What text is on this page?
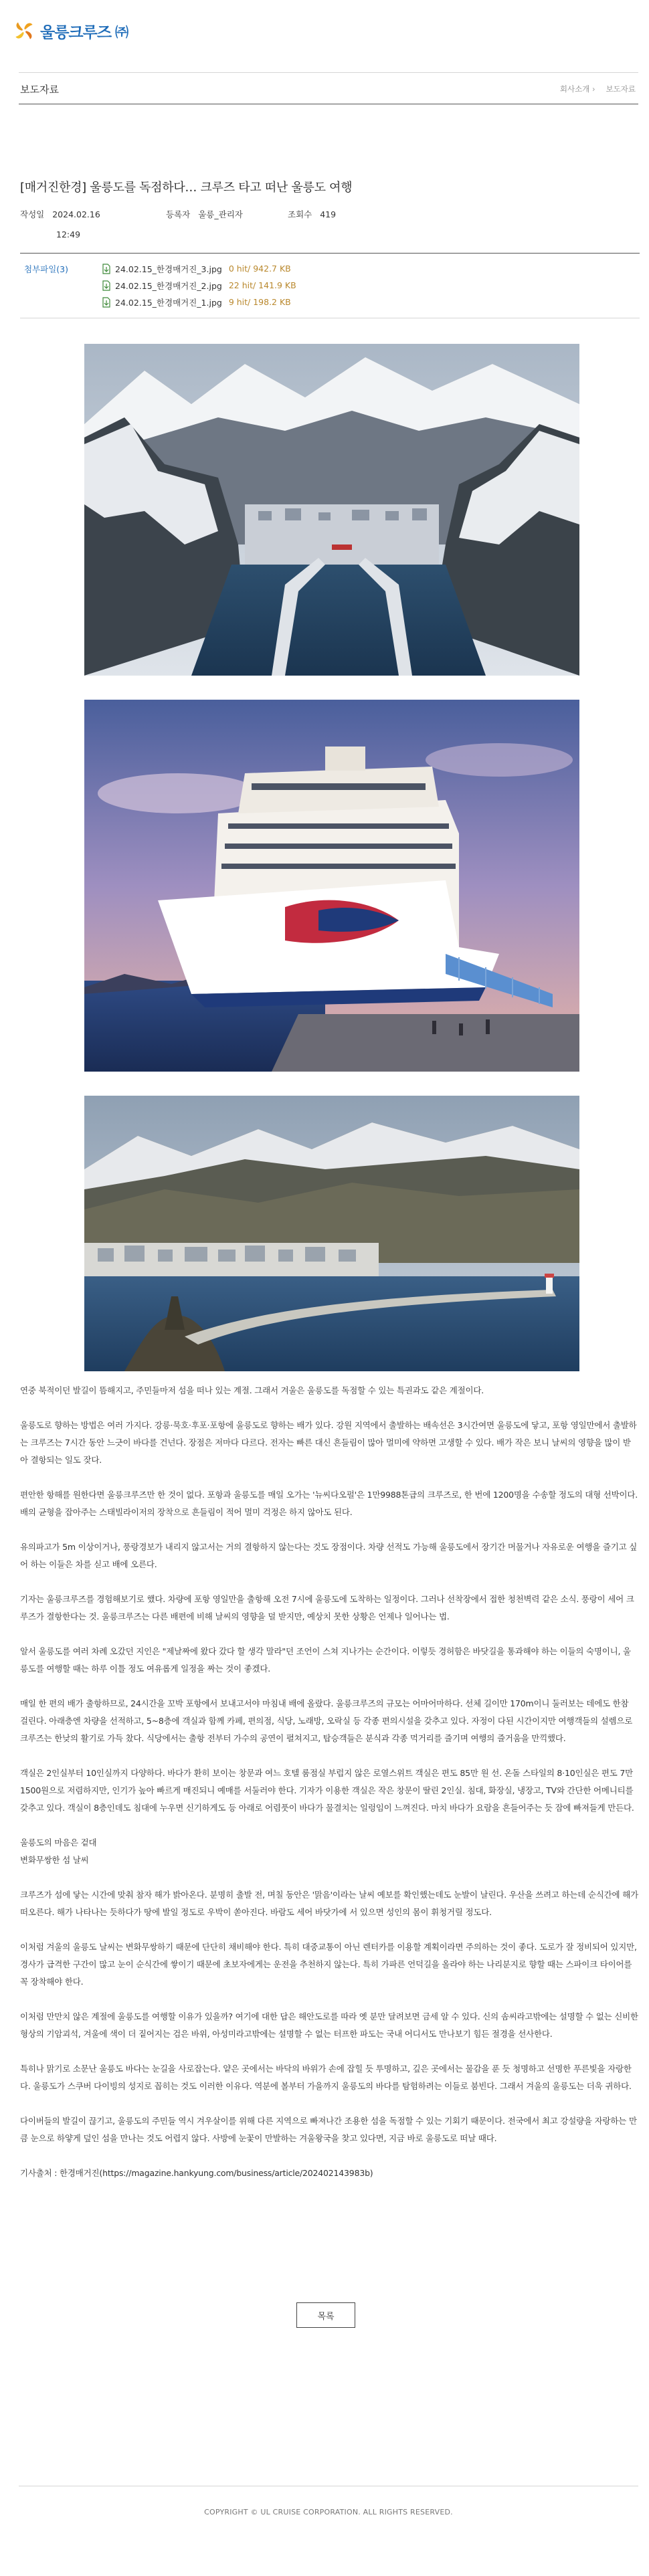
울릉크루즈 ㈜
보도자료	회사소개 › 보도자료
[매거진한경] 울릉도를 독점하다… 크루즈 타고 떠난 울릉도 여행
작성일 2024.02.16
12:49
등록자 울릉_관리자	조회수 419
첨부파일(3)	24.02.15_한경매거진_3.jpg 0 hit/ 942.7 KB
24.02.15_한경매거진_2.jpg 22 hit/ 141.9 KB
24.02.15_한경매거진_1.jpg 9 hit/ 198.2 KB

연중 북적이던 발길이 뜸해지고, 주민들마저 섬을 떠나 있는 계절. 그래서 겨울은 울릉도를 독점할 수 있는 특권과도 같은 계절이다.

울릉도로 향하는 방법은 여러 가지다. 강릉·묵호·후포·포항에 울릉도로 향하는 배가 있다. 강원 지역에서 출발하는 배속선은 3시간여면 울릉도에 닿고, 포항 영일만에서 출발하는 크루즈는 7시간 동안 느긋이 바다를 건넌다. 장점은 저마다 다르다. 전자는 빠른 대신 흔들림이 많아 멀미에 약하면 고생할 수 있다. 배가 작은 보니 날씨의 영향을 많이 받아 결항되는 일도 잦다.

편안한 항해를 원한다면 울릉크루즈만 한 것이 없다. 포항과 울릉도를 매일 오가는 '뉴씨다오펄'은 1만9988톤급의 크루즈로, 한 번에 1200명을 수송할 정도의 대형 선박이다. 배의 균형을 잡아주는 스태빌라이저의 장착으로 흔들림이 적어 멀미 걱정은 하지 않아도 된다.

유의파고가 5m 이상이거나, 풍랑경보가 내리지 않고서는 거의 결항하지 않는다는 것도 장점이다. 차량 선적도 가능해 울릉도에서 장기간 머물거나 자유로운 여행을 즐기고 싶어 하는 이들은 차를 싣고 배에 오른다.

기자는 울릉크루즈를 경험해보기로 했다. 차량에 포항 영일만을 출항해 오전 7시에 울릉도에 도착하는 일정이다. 그러나 선착장에서 접한 청천벽력 같은 소식. 풍랑이 세어 크루즈가 결항한다는 것. 울릉크루즈는 다른 배편에 비해 날씨의 영향을 덜 받지만, 예상치 못한 상황은 언제나 일어나는 법.

알서 울릉도를 여러 차례 오갔던 지인은 "제날짜에 왔다 갔다 할 생각 말라"던 조언이 스쳐 지나가는 순간이다. 이렇듯 경허함은 바닷길을 통과해야 하는 이들의 숙명이니, 울릉도를 여행할 때는 하루 이틀 정도 여유롭게 일정을 짜는 것이 좋겠다.

매일 한 편의 배가 출항하므로, 24시간을 꼬박 포항에서 보내고서야 마침내 배에 올랐다. 울릉크루즈의 규모는 어마어마하다. 선체 길이만 170m이니 둘러보는 데에도 한참 걸린다. 아래층엔 차량을 선적하고, 5~8층에 객실과 함께 카페, 편의점, 식당, 노래방, 오락실 등 각종 편의시설을 갖추고 있다. 자정이 다된 시간이지만 여행객들의 설렘으로 크루즈는 한낮의 활기로 가득 찼다. 식당에서는 출항 전부터 가수의 공연이 펼쳐지고, 탑승객들은 분식과 각종 먹거리를 즐기며 여행의 즐거움을 만끽했다.

객실은 2인실부터 10인실까지 다양하다. 바다가 환히 보이는 창문과 여느 호텔 룸점실 부럽지 않은 로열스위트 객실은 편도 85만 원 선. 온돌 스타일의 8·10인실은 편도 7만1500원으로 저렴하지만, 인기가 높아 빠르게 매진되니 예매를 서둘러야 한다. 기자가 이용한 객실은 작은 창문이 딸린 2인실. 침대, 화장실, 냉장고, TV와 간단한 어메니티를 갖추고 있다. 객실이 8층인데도 침대에 누우면 신기하게도 등 아래로 어렴풋이 바다가 물결치는 일렁임이 느껴진다. 마치 바다가 요람을 흔들어주는 듯 잠에 빠져들게 만든다.

울릉도의 마음은 겉대
변화무쌍한 섬 날씨

크루즈가 섬에 닿는 시간에 맞춰 참자 해가 밝아온다. 분명히 출발 전, 며칠 동안은 '맑음'이라는 날씨 예보를 확인했는데도 눈발이 날린다. 우산을 쓰려고 하는데 순식간에 해가 떠오른다. 해가 나타나는 듯하다가 땅에 발일 정도로 우박이 쏟아진다. 바람도 세어 바닷가에 서 있으면 성인의 몸이 휘청거릴 정도다.

이처럼 겨울의 울릉도 날씨는 변화무쌍하기 때문에 단단히 채비해야 한다. 특히 대중교통이 아닌 렌터카를 이용할 계획이라면 주의하는 것이 좋다. 도로가 잘 정비되어 있지만, 경사가 급격한 구간이 많고 눈이 순식간에 쌓이기 때문에 초보자에게는 운전을 추천하지 않는다. 특히 가파른 언덕길을 올라야 하는 나리분지로 향할 때는 스파이크 타이어를 꼭 장착해야 한다.

이처럼 만만치 않은 계절에 울릉도를 여행할 이유가 있을까? 여기에 대한 답은 해안도로를 따라 옛 분만 달려보면 금세 알 수 있다. 신의 솜씨라고밖에는 설명할 수 없는 신비한 형상의 기암괴석, 겨울에 색이 더 짙어지는 검은 바위, 아성미라고밖에는 설명할 수 없는 터프한 파도는 국내 어디서도 만나보기 힘든 절경을 선사한다.

특히나 맑기로 소문난 울릉도 바다는 눈길을 사로잡는다. 얕은 곳에서는 바닥의 바위가 손에 잡힐 듯 투명하고, 깊은 곳에서는 물감을 푼 듯 청명하고 선명한 푸른빛을 자랑한다. 울릉도가 스쿠버 다이빙의 성지로 꼽히는 것도 이러한 이유다. 역분에 볼부터 가을까지 울릉도의 바다를 탐험하려는 이들로 붐빈다. 그래서 겨울의 울릉도는 더욱 귀하다.

다이버들의 발길이 끊기고, 울릉도의 주민들 역시 겨우살이를 위해 다른 지역으로 빠져나간 조용한 섬을 독점할 수 있는 기회기 때문이다. 전국에서 최고 강설량을 자랑하는 만큼 눈으로 하얗게 덮인 섬을 만나는 것도 어렵지 않다. 사방에 눈꽃이 만발하는 겨울왕국을 찾고 있다면, 지금 바로 울릉도로 떠날 때다.

기사출처 : 한경매거진(https://magazine.hankyung.com/business/article/202402143983b)

목록
COPYRIGHT © UL CRUISE CORPORATION. ALL RIGHTS RESERVED.
